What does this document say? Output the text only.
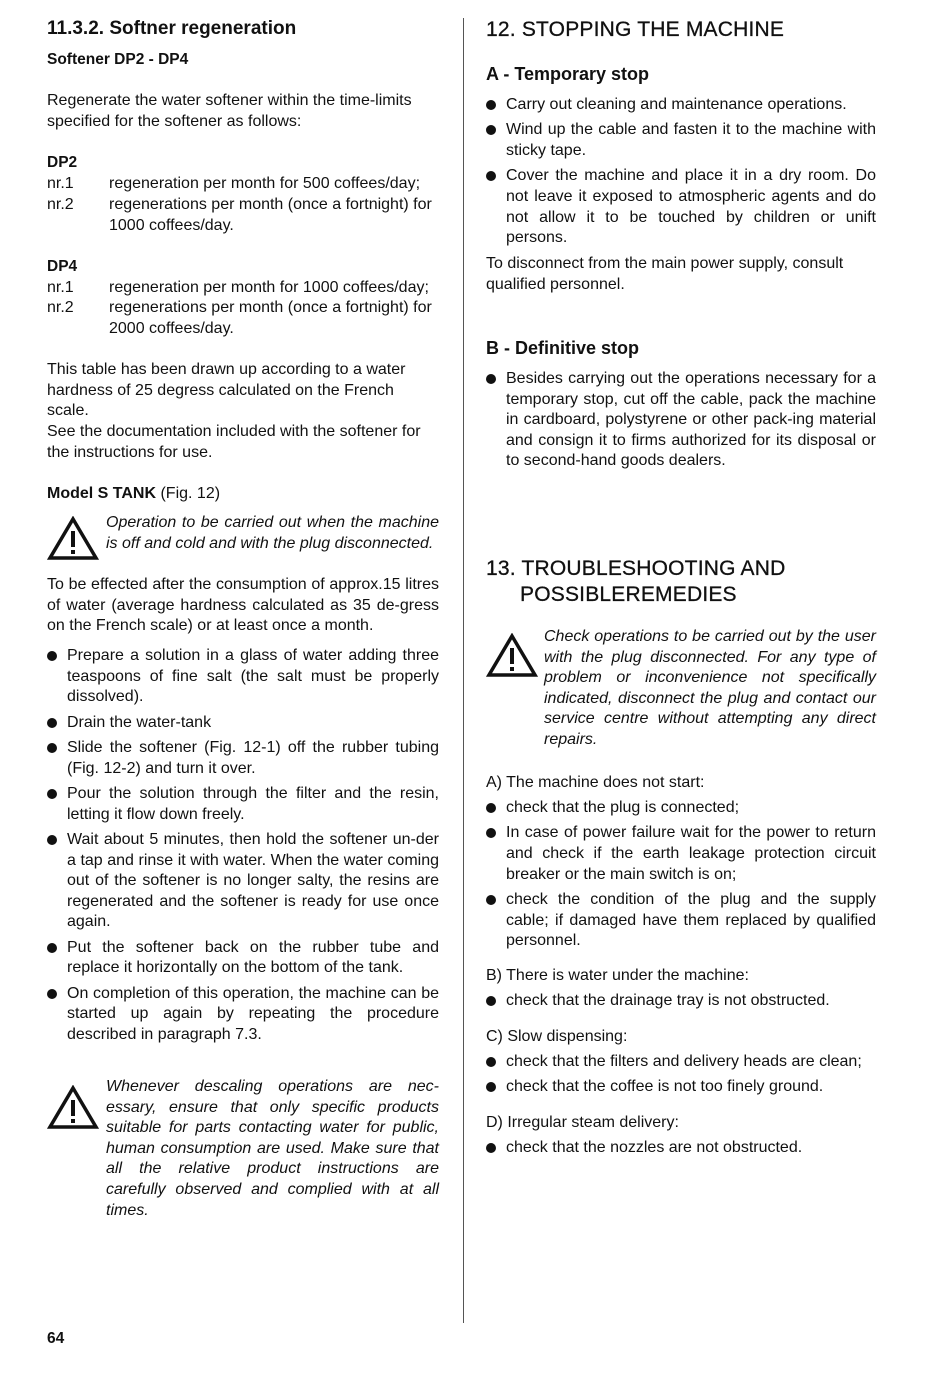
11.3.2. Softner regeneration
Softener DP2 - DP4

Regenerate the water softener within the time-limits specified for the softener as follows:

DP2
nr.1	regeneration per month for 500 coffees/day;
nr.2	regenerations per month (once a fortnight) for 1000 coffees/day.
DP4
nr.1	regeneration per month for 1000 coffees/day;
nr.2	regenerations per month (once a fortnight) for 2000 coffees/day.

This table has been drawn up according to a water hardness of 25 degress calculated on the French scale.

See the documentation included with the softener for the instructions for use.

Model S TANK (Fig. 12)
Operation to be carried out when the machine is off and cold and with the plug disconnected.

To be effected after the consumption of approx.15 litres of water (average hardness calculated as 35 de-gress on the French scale) or at least once a month.

Prepare a solution in a glass of water adding three teaspoons of fine salt (the salt must be properly dissolved).
Drain the water-tank
Slide the softener (Fig. 12-1) off the rubber tubing (Fig. 12-2) and turn it over.
Pour the solution through the filter and the resin, letting it flow down freely.
Wait about 5 minutes, then hold the softener un-der a tap and rinse it with water. When the water coming out of the softener is no longer salty, the resins are regenerated and the softener is ready for use once again.
Put the softener back on the rubber tube and replace it horizontally on the bottom of the tank.
On completion of this operation, the machine can be started up again by repeating the procedure described in paragraph 7.3.
Whenever descaling operations are nec-essary, ensure that only specific products suitable for parts contacting water for public, human consumption are used. Make sure that all the relative product instructions are carefully observed and complied with at all times.
12. STOPPING THE MACHINE
A - Temporary stop
Carry out cleaning and maintenance operations.
Wind up the cable and fasten it to the machine with sticky tape.
Cover the machine and place it in a dry room. Do not leave it exposed to atmospheric agents and do not allow it to be touched by children or unift persons.

To disconnect from the main power supply, consult qualified personnel.

B - Definitive stop
Besides carrying out the operations necessary for a temporary stop, cut off the cable, pack the machine in cardboard, polystyrene or other pack-ing material and consign it to firms authorized for its disposal or to second-hand goods dealers.
13. TROUBLESHOOTING AND
POSSIBLEREMEDIES
Check operations to be carried out by the user with the plug disconnected. For any type of problem or inconvenience not specifically indicated, disconnect the plug and contact our service centre without attempting any direct repairs.
A) The machine does not start:
check that the plug is connected;
In case of power failure wait for the power to return and check if the earth leakage protection circuit breaker or the main switch is on;
check the condition of the plug and the supply cable; if damaged have them replaced by qualified personnel.
B) There is water under the machine:
check that the drainage tray is not obstructed.
C) Slow dispensing:
check that the filters and delivery heads are clean;
check that the coffee is not too finely ground.
D) Irregular steam delivery:
check that the nozzles are not obstructed.
64
